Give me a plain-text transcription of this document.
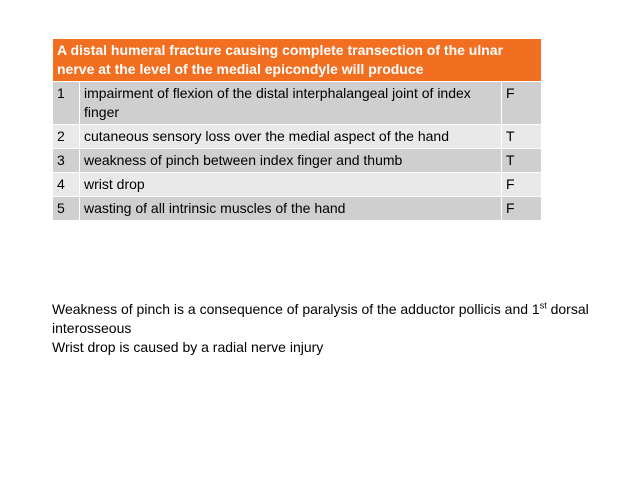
A distal humeral fracture causing complete transection of the ulnar nerve at the level of the medial epicondyle will produce		
1	impairment of flexion of the distal interphalangeal joint of index finger	F
2	cutaneous sensory loss over the medial aspect of the hand	T
3	weakness of pinch between index finger and thumb	T
4	wrist drop	F
5	wasting of all intrinsic muscles of the hand	F

Weakness of pinch is a consequence of paralysis of the adductor pollicis and 1st dorsal interosseous

Wrist drop is caused by a radial nerve injury
